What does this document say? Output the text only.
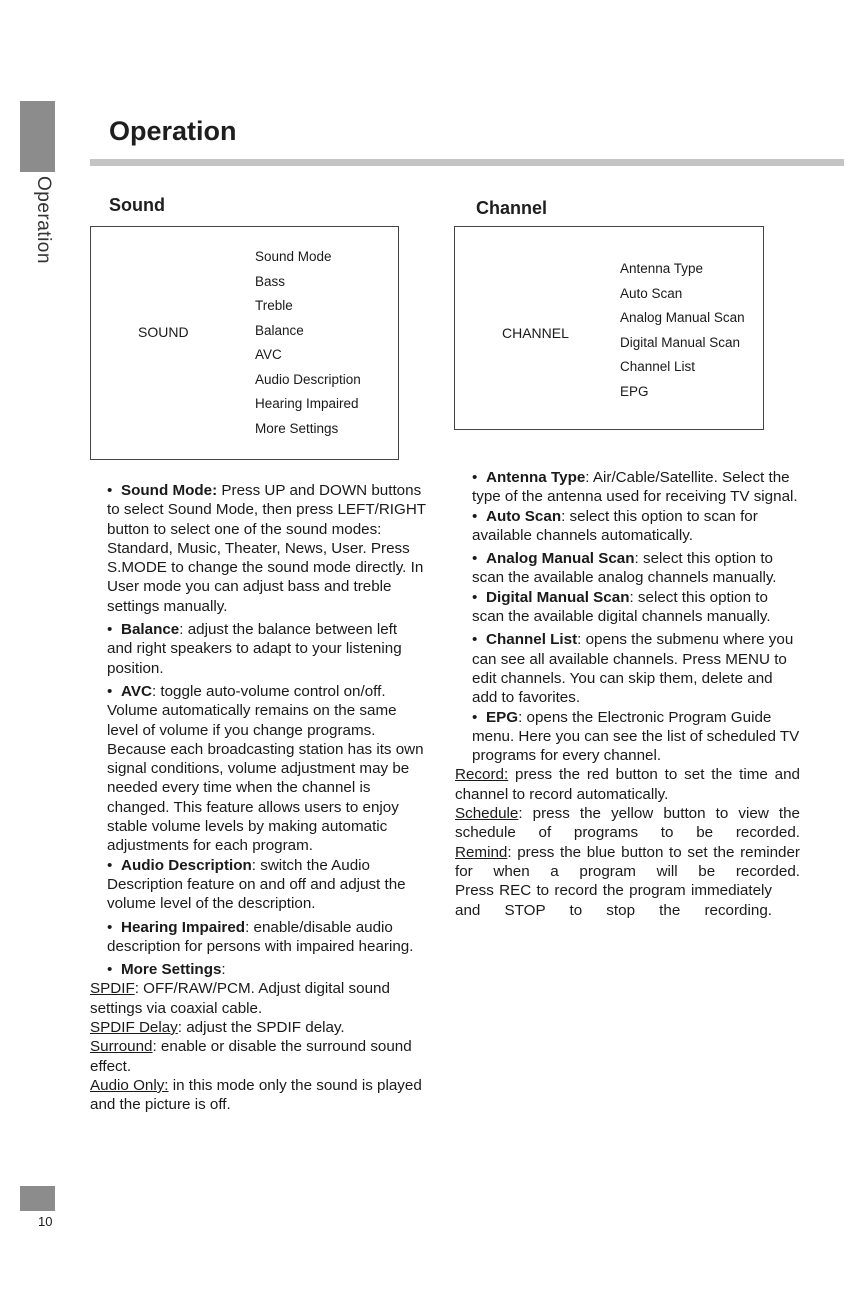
Operation
Operation
Sound
SOUND
Sound Mode
Bass
Treble
Balance
AVC
Audio Description
Hearing Impaired
More Settings

• Sound Mode: Press UP and DOWN buttons to select Sound Mode, then press LEFT/RIGHT button to select one of the sound modes: Standard, Music, Theater, News, User. Press S.MODE to change the sound mode directly. In User mode you can adjust bass and treble settings manually.

• Balance: adjust the balance between left and right speakers to adapt to your listening position.

• AVC: toggle auto-volume control on/off. Volume automatically remains on the same level of volume if you change programs. Because each broadcasting station has its own signal conditions, volume adjustment may be needed every time when the channel is changed. This feature allows users to enjoy stable volume levels by making automatic adjustments for each program.

• Audio Description: switch the Audio Description feature on and off and adjust the volume level of the description.

• Hearing Impaired: enable/disable audio description for persons with impaired hearing.

• More Settings:

SPDIF: OFF/RAW/PCM. Adjust digital sound settings via coaxial cable.

SPDIF Delay: adjust the SPDIF delay.

Surround: enable or disable the surround sound effect.

Audio Only: in this mode only the sound is played and the picture is off.

Channel
CHANNEL
Antenna Type
Auto Scan
Analog Manual Scan
Digital Manual Scan
Channel List
EPG

• Antenna Type: Air/Cable/Satellite. Select the type of the antenna used for receiving TV signal.

• Auto Scan: select this option to scan for available channels automatically.

• Analog Manual Scan: select this option to scan the available analog channels manually.

• Digital Manual Scan: select this option to scan the available digital channels manually.

• Channel List: opens the submenu where you can see all available channels. Press MENU to edit channels. You can skip them, delete and add to favorites.

• EPG: opens the Electronic Program Guide menu. Here you can see the list of scheduled TV programs for every channel.

Record: press the red button to set the time and channel to record automatically.

Schedule: press the yellow button to view the schedule of programs to be recorded.

Remind: press the blue button to set the reminder for when a program will be recorded.

Press REC to record the program immediately and STOP to stop the recording.

10
